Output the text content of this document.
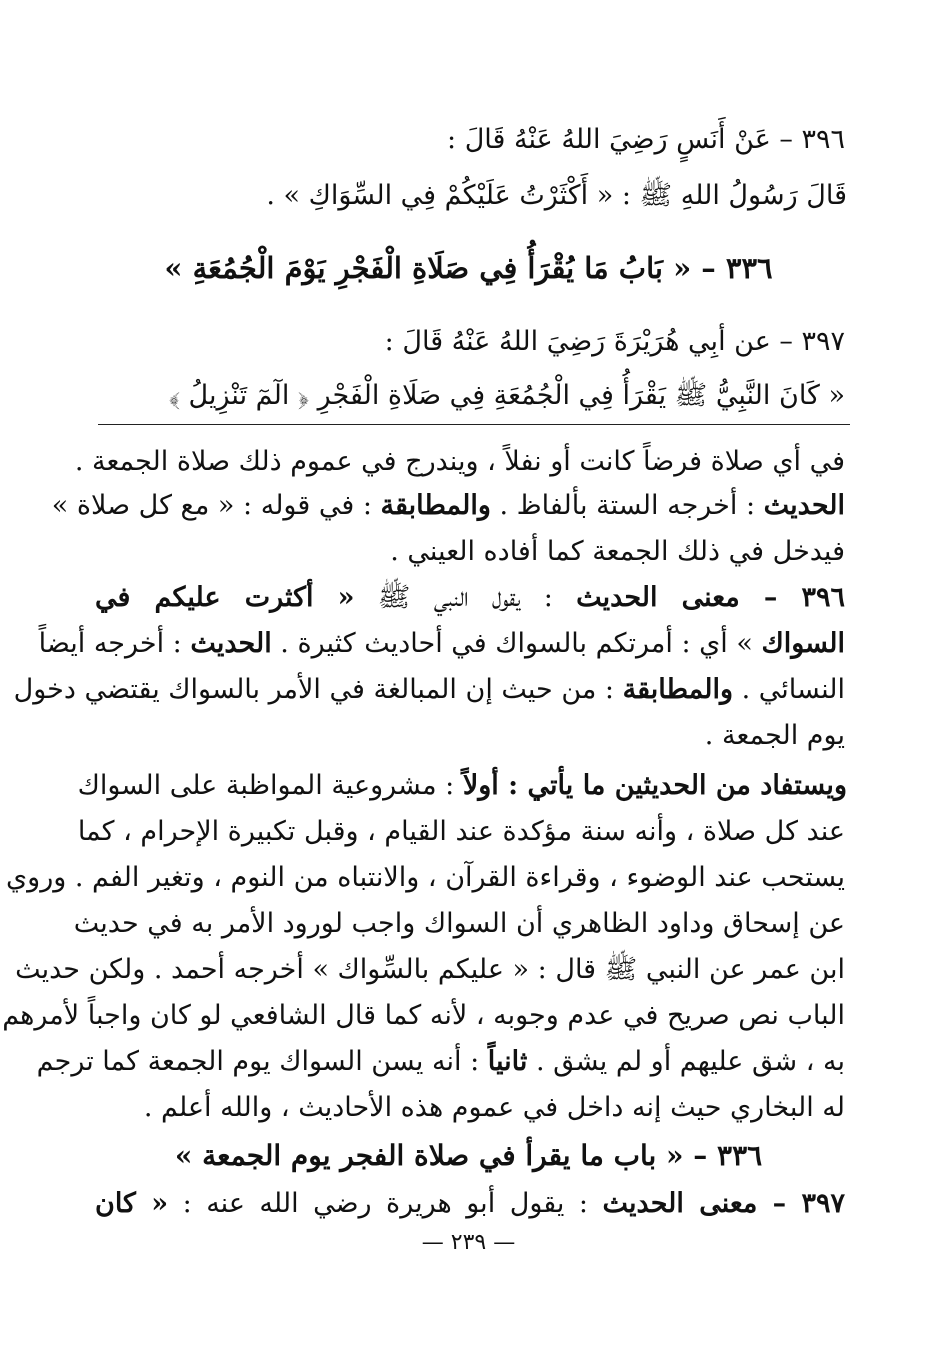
٣٩٦ – عَنْ أَنَسٍ رَضِيَ اللهُ عَنْهُ قَالَ :
قَالَ رَسُولُ اللهِ ﷺ : « أَكْثَرْتُ عَلَيْكُمْ فِي السِّوَاكِ » .
٣٣٦ – « بَابُ مَا يُقْرَأُ فِي صَلَاةِ الْفَجْرِ يَوْمَ الْجُمُعَةِ »
٣٩٧ – عن أبِي هُرَيْرَةَ رَضِيَ اللهُ عَنْهُ قَالَ :
« كَانَ النَّبِيُّ ﷺ يَقْرَأُ فِي الْجُمُعَةِ فِي صَلَاةِ الْفَجْرِ ﴿ الٓمٓ تَنْزِيلُ ﴾
في أي صلاة فرضاً كانت أو نفلاً ، ويندرج في عموم ذلك صلاة الجمعة .
الحديث : أخرجه الستة بألفاظ . والمطابقة : في قوله : « مع كل صلاة »
فيدخل في ذلك الجمعة كما أفاده العيني .
٣٩٦ – معنى الحديث : يقول النبي ﷺ « أكثرت عليكم في
السواك » أي : أمرتكم بالسواك في أحاديث كثيرة . الحديث : أخرجه أيضاً
النسائي . والمطابقة : من حيث إن المبالغة في الأمر بالسواك يقتضي دخول
يوم الجمعة .
ويستفاد من الحديثين ما يأتي : أولاً : مشروعية المواظبة على السواك
عند كل صلاة ، وأنه سنة مؤكدة عند القيام ، وقبل تكبيرة الإحرام ، كما
يستحب عند الوضوء ، وقراءة القرآن ، والانتباه من النوم ، وتغير الفم . وروي
عن إسحاق وداود الظاهري أن السواك واجب لورود الأمر به في حديث
ابن عمر عن النبي ﷺ قال : « عليكم بالسِّواك » أخرجه أحمد . ولكن حديث
الباب نص صريح في عدم وجوبه ، لأنه كما قال الشافعي لو كان واجباً لأمرهم
به ، شق عليهم أو لم يشق . ثانياً : أنه يسن السواك يوم الجمعة كما ترجم
له البخاري حيث إنه داخل في عموم هذه الأحاديث ، والله أعلم .
٣٣٦ – « باب ما يقرأ في صلاة الفجر يوم الجمعة »
٣٩٧ – معنى الحديث : يقول أبو هريرة رضي الله عنه : « كان
— ٢٣٩ —
